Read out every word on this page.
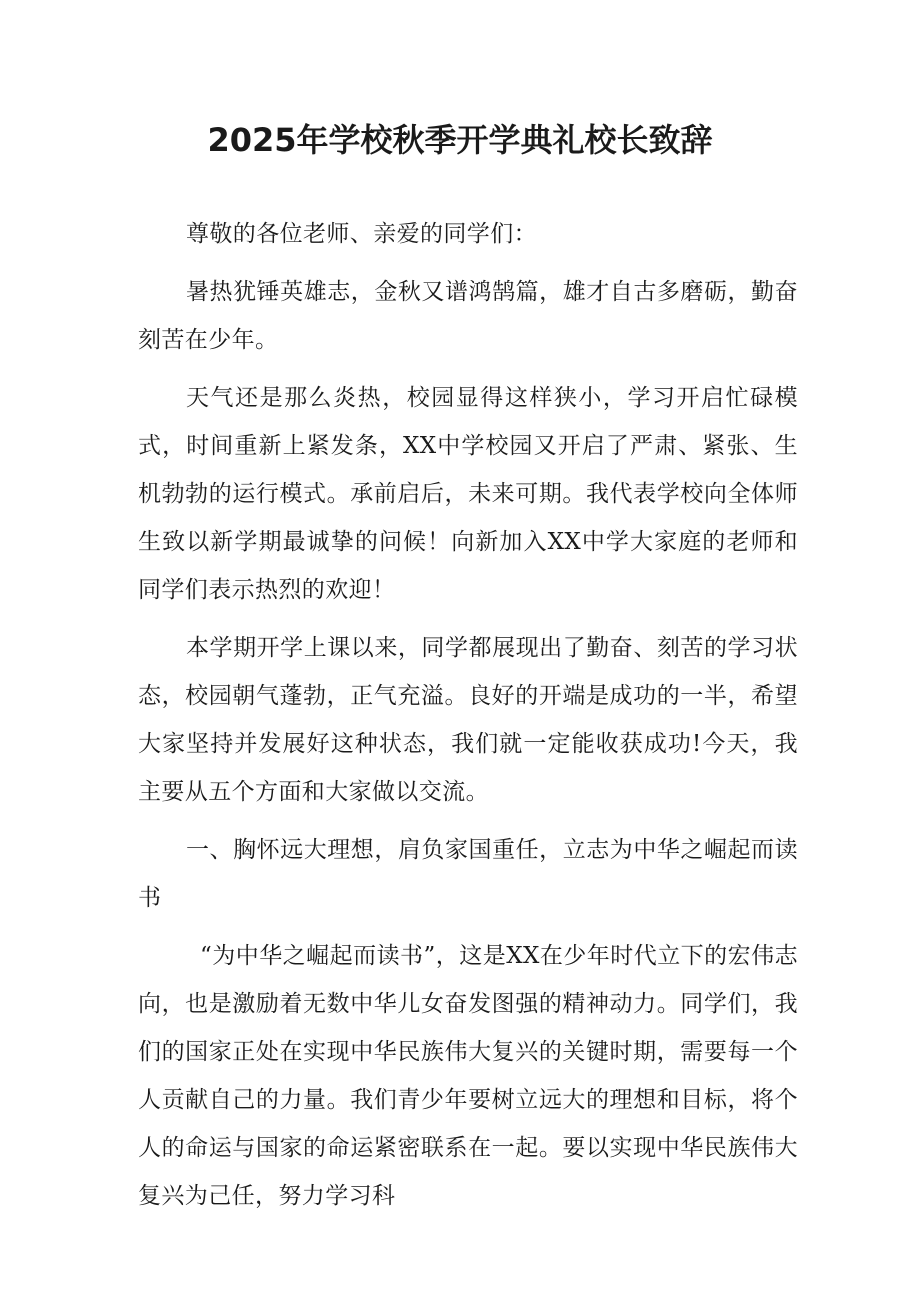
2025年学校秋季开学典礼校长致辞

尊敬的各位老师、亲爱的同学们：

暑热犹锤英雄志，金秋又谱鸿鹄篇，雄才自古多磨砺，勤奋刻苦在少年。

天气还是那么炎热，校园显得这样狭小，学习开启忙碌模式，时间重新上紧发条，XX中学校园又开启了严肃、紧张、生机勃勃的运行模式。承前启后，未来可期。我代表学校向全体师生致以新学期最诚挚的问候！向新加入XX中学大家庭的老师和同学们表示热烈的欢迎！

本学期开学上课以来，同学都展现出了勤奋、刻苦的学习状态，校园朝气蓬勃，正气充溢。良好的开端是成功的一半，希望大家坚持并发展好这种状态，我们就一定能收获成功!今天，我主要从五个方面和大家做以交流。

一、胸怀远大理想，肩负家国重任，立志为中华之崛起而读书

“为中华之崛起而读书”，这是XX在少年时代立下的宏伟志向，也是激励着无数中华儿女奋发图强的精神动力。同学们，我们的国家正处在实现中华民族伟大复兴的关键时期，需要每一个人贡献自己的力量。我们青少年要树立远大的理想和目标，将个人的命运与国家的命运紧密联系在一起。要以实现中华民族伟大复兴为己任，努力学习科
